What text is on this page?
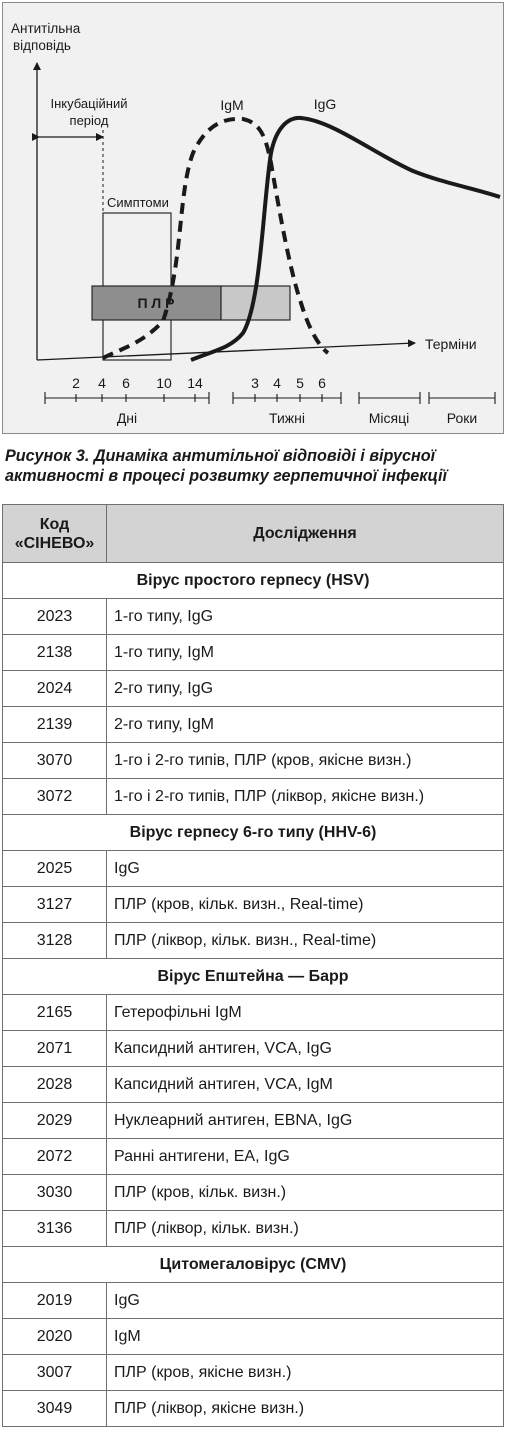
Антитільна
відповідь
Терміни
Інкубаційний
період
Симптоми
П Л Р
IgM	IgG
2 4 6 10 14	3 4 5 6
Дні	Тижні	Місяці	Роки

Рисунок 3. Динаміка антитільної відповіді і вірусної
активності в процесі розвитку герпетичної інфекції

Код
«СІНЕВО»	Дослідження
Вірус простого герпесу (HSV)	
2023	1-го типу, IgG
2138	1-го типу, IgM
2024	2-го типу, IgG
2139	2-го типу, IgM
3070	1-го і 2-го типів, ПЛР (кров, якісне визн.)
3072	1-го і 2-го типів, ПЛР (ліквор, якісне визн.)
Вірус герпесу 6-го типу (HHV-6)	
2025	IgG
3127	ПЛР (кров, кільк. визн., Real-time)
3128	ПЛР (ліквор, кільк. визн., Real-time)
Вірус Епштейна — Барр	
2165	Гетерофільні IgM
2071	Капсидний антиген, VCA, IgG
2028	Капсидний антиген, VCA, IgM
2029	Нуклеарний антиген, EBNA, IgG
2072	Ранні антигени, EA, IgG
3030	ПЛР (кров, кільк. визн.)
3136	ПЛР (ліквор, кільк. визн.)
Цитомегаловірус (CMV)	
2019	IgG
2020	IgM
3007	ПЛР (кров, якісне визн.)
3049	ПЛР (ліквор, якісне визн.)
